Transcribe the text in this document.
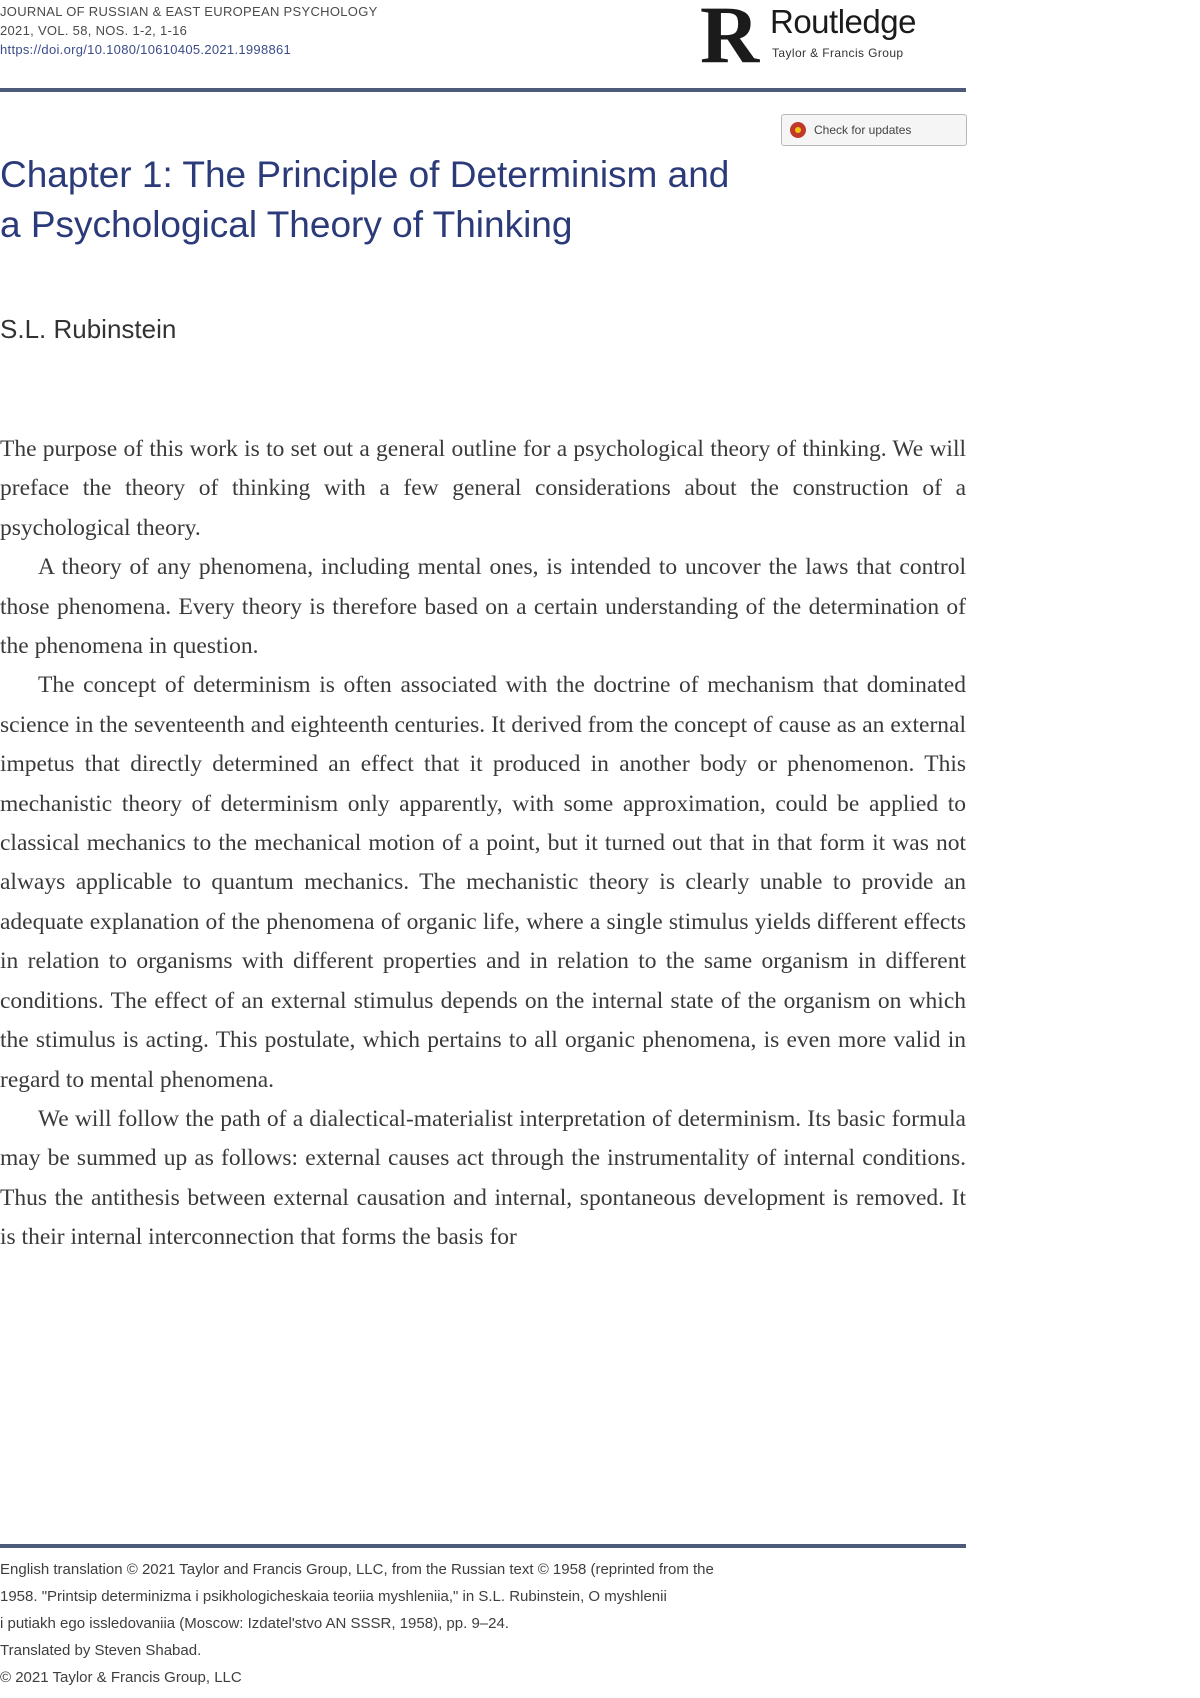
JOURNAL OF RUSSIAN & EAST EUROPEAN PSYCHOLOGY
2021, VOL. 58, NOS. 1-2, 1-16
https://doi.org/10.1080/10610405.2021.1998861	R Routledge
Taylor & Francis Group
Check for updates
Chapter 1: The Principle of Determinism and
a Psychological Theory of Thinking

S.L. Rubinstein

The purpose of this work is to set out a general outline for a psychological theory of thinking. We will preface the theory of thinking with a few general considerations about the construction of a psychological theory.

A theory of any phenomena, including mental ones, is intended to uncover the laws that control those phenomena. Every theory is therefore based on a certain understanding of the determination of the phenomena in question.

The concept of determinism is often associated with the doctrine of mechanism that dominated science in the seventeenth and eighteenth centuries. It derived from the concept of cause as an external impetus that directly determined an effect that it produced in another body or phenomenon. This mechanistic theory of determinism only apparently, with some approximation, could be applied to classical mechanics to the mechanical motion of a point, but it turned out that in that form it was not always applicable to quantum mechanics. The mechanistic theory is clearly unable to provide an adequate explanation of the phenomena of organic life, where a single stimulus yields different effects in relation to organisms with different properties and in relation to the same organism in different conditions. The effect of an external stimulus depends on the internal state of the organism on which the stimulus is acting. This postulate, which pertains to all organic phenomena, is even more valid in regard to mental phenomena.

We will follow the path of a dialectical-materialist interpretation of determinism. Its basic formula may be summed up as follows: external causes act through the instrumentality of internal conditions. Thus the antithesis between external causation and internal, spontaneous development is removed. It is their internal interconnection that forms the basis for

English translation © 2021 Taylor and Francis Group, LLC, from the Russian text © 1958 (reprinted from the
1958. "Printsip determinizma i psikhologicheskaia teoriia myshleniia," in S.L. Rubinstein, O myshlenii
i putiakh ego issledovaniia (Moscow: Izdatel'stvo AN SSSR, 1958), pp. 9–24.
Translated by Steven Shabad.
© 2021 Taylor & Francis Group, LLC
